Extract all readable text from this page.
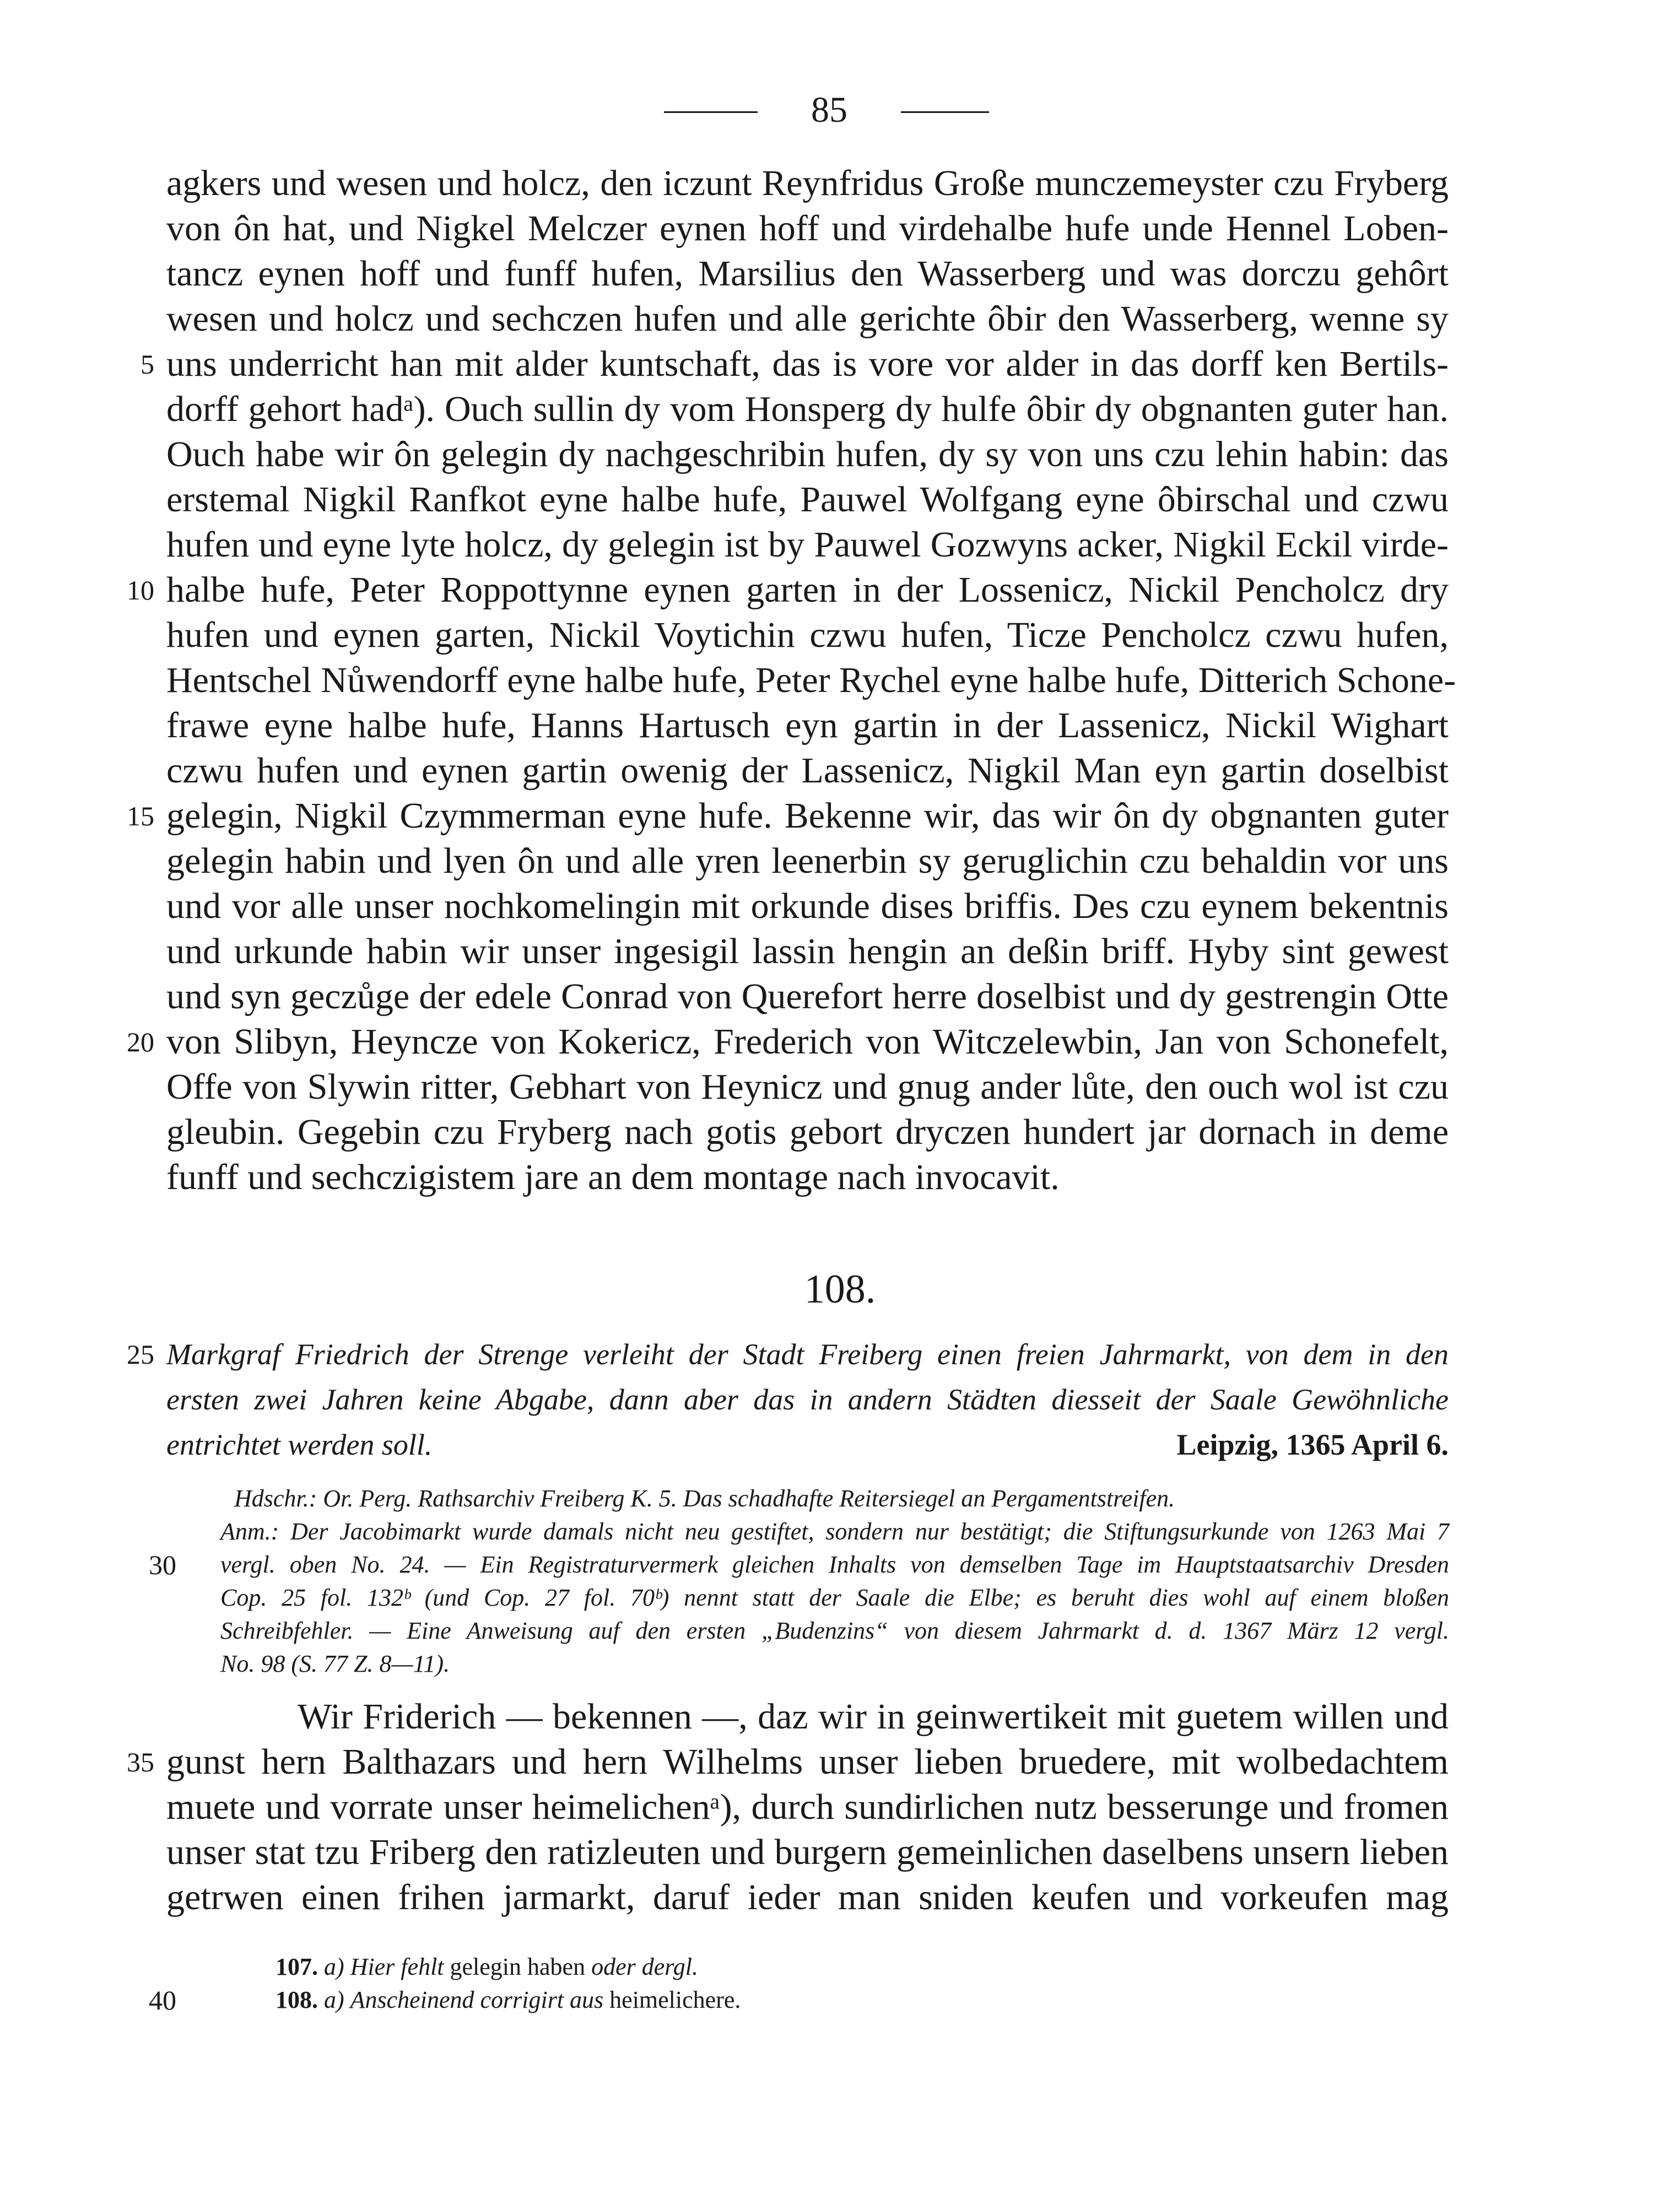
85
agkers und wesen und holcz, den iczunt Reynfridus Große munczemeyster czu Fryberg
von ôn hat, und Nigkel Melczer eynen hoff und virdehalbe hufe unde Hennel Loben-
tancz eynen hoff und funff hufen, Marsilius den Wasserberg und was dorczu gehôrt
wesen und holcz und sechczen hufen und alle gerichte ôbir den Wasserberg, wenne sy
uns underricht han mit alder kuntschaft, das is vore vor alder in das dorff ken Bertils-
dorff gehort hadᵃ). Ouch sullin dy vom Honsperg dy hulfe ôbir dy obgnanten guter han.
Ouch habe wir ôn gelegin dy nachgeschribin hufen, dy sy von uns czu lehin habin: das
erstemal Nigkil Ranfkot eyne halbe hufe, Pauwel Wolfgang eyne ôbirschal und czwu
hufen und eyne lyte holcz, dy gelegin ist by Pauwel Gozwyns acker, Nigkil Eckil virde-
halbe hufe, Peter Roppottynne eynen garten in der Lossenicz, Nickil Pencholcz dry
hufen und eynen garten, Nickil Voytichin czwu hufen, Ticze Pencholcz czwu hufen,
Hentschel Nůwendorff eyne halbe hufe, Peter Rychel eyne halbe hufe, Ditterich Schone-
frawe eyne halbe hufe, Hanns Hartusch eyn gartin in der Lassenicz, Nickil Wighart
czwu hufen und eynen gartin owenig der Lassenicz, Nigkil Man eyn gartin doselbist
gelegin, Nigkil Czymmerman eyne hufe. Bekenne wir, das wir ôn dy obgnanten guter
gelegin habin und lyen ôn und alle yren leenerbin sy geruglichin czu behaldin vor uns
und vor alle unser nochkomelingin mit orkunde dises briffis. Des czu eynem bekentnis
und urkunde habin wir unser ingesigil lassin hengin an deßin briff. Hyby sint gewest
und syn geczůge der edele Conrad von Querefort herre doselbist und dy gestrengin Otte
von Slibyn, Heyncze von Kokericz, Frederich von Witczelewbin, Jan von Schonefelt,
Offe von Slywin ritter, Gebhart von Heynicz und gnug ander lůte, den ouch wol ist czu
gleubin. Gegebin czu Fryberg nach gotis gebort dryczen hundert jar dornach in deme
funff und sechczigistem jare an dem montage nach invocavit.
5
10
15
20
108.
25 Markgraf Friedrich der Strenge verleiht der Stadt Freiberg einen freien Jahrmarkt, von dem in den
ersten zwei Jahren keine Abgabe, dann aber das in andern Städten diesseit der Saale Gewöhnliche
entrichtet werden soll.	Leipzig, 1365 April 6.
Hdschr.: Or. Perg. Rathsarchiv Freiberg K. 5. Das schadhafte Reitersiegel an Pergamentstreifen.
Anm.: Der Jacobimarkt wurde damals nicht neu gestiftet, sondern nur bestätigt; die Stiftungsurkunde von 1263 Mai 7
vergl. oben No. 24. — Ein Registraturvermerk gleichen Inhalts von demselben Tage im Hauptstaatsarchiv Dresden
Cop. 25 fol. 132ᵇ (und Cop. 27 fol. 70ᵇ) nennt statt der Saale die Elbe; es beruht dies wohl auf einem bloßen
Schreibfehler. — Eine Anweisung auf den ersten „Budenzins“ von diesem Jahrmarkt d. d. 1367 März 12 vergl.
No. 98 (S. 77 Z. 8—11).
30
Wir Friderich — bekennen —, daz wir in geinwertikeit mit guetem willen und
gunst hern Balthazars und hern Wilhelms unser lieben bruedere, mit wolbedachtem
muete und vorrate unser heimelichenᵃ), durch sundirlichen nutz besserunge und fromen
unser stat tzu Friberg den ratizleuten und burgern gemeinlichen daselbens unsern lieben
getrwen einen frihen jarmarkt, daruf ieder man sniden keufen und vorkeufen mag
35
107. a) Hier fehlt gelegin haben oder dergl.
108. a) Anscheinend corrigirt aus heimelichere.
40
